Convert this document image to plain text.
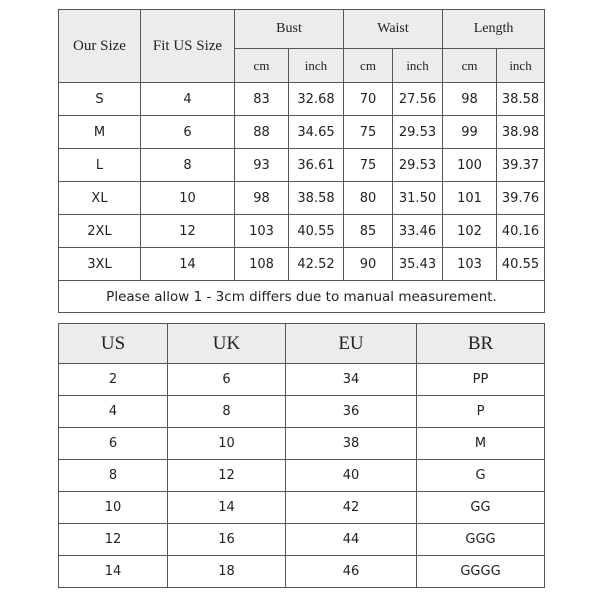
Our Size	Fit US Size	Bust		Waist		Length	
		cm	inch	cm	inch	cm	inch
S	4	83	32.68	70	27.56	98	38.58
M	6	88	34.65	75	29.53	99	38.98
L	8	93	36.61	75	29.53	100	39.37
XL	10	98	38.58	80	31.50	101	39.76
2XL	12	103	40.55	85	33.46	102	40.16
3XL	14	108	42.52	90	35.43	103	40.55
Please allow 1 - 3cm differs due to manual measurement.							
US	UK	EU	BR
2	6	34	PP
4	8	36	P
6	10	38	M
8	12	40	G
10	14	42	GG
12	16	44	GGG
14	18	46	GGGG
